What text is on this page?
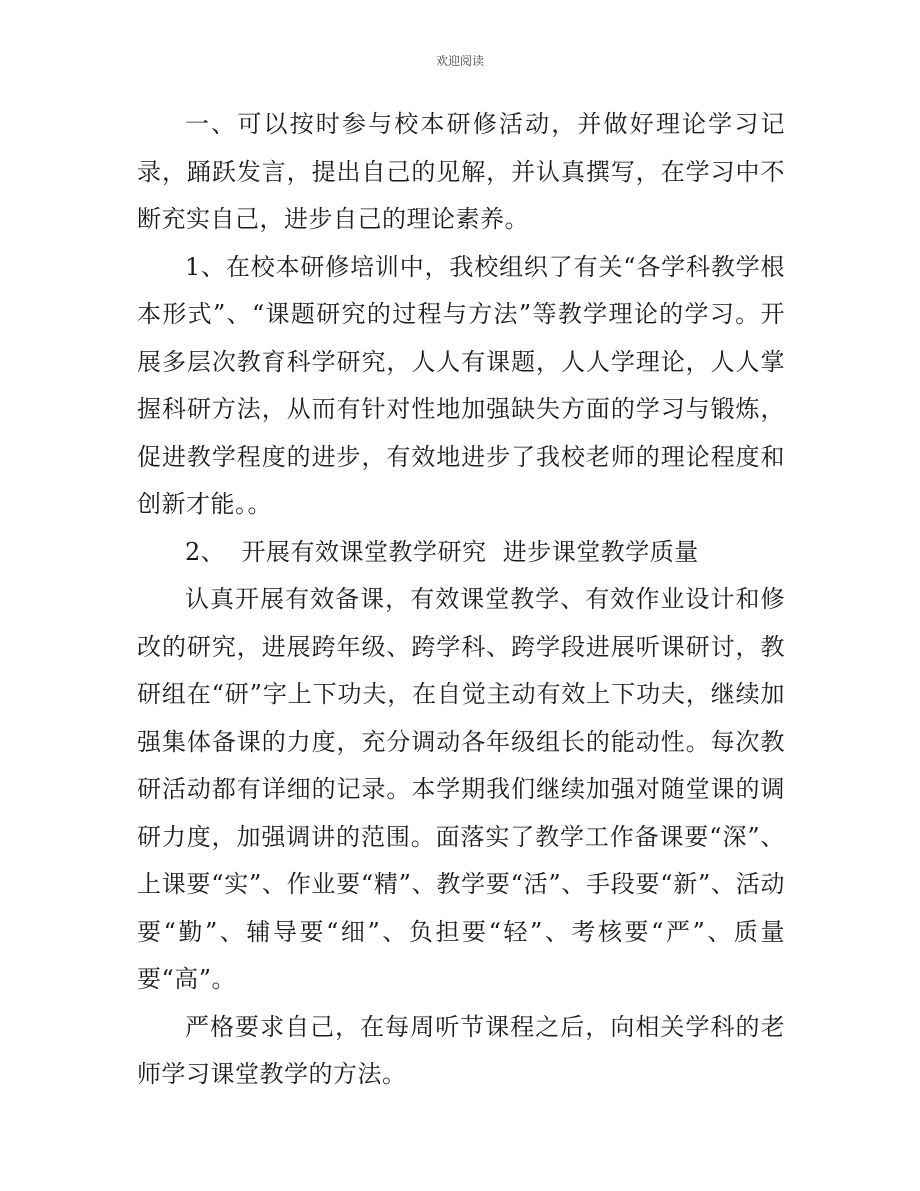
欢迎阅读

一、可以按时参与校本研修活动，并做好理论学习记录，踊跃发言，提出自己的见解，并认真撰写，在学习中不断充实自己，进步自己的理论素养。

1、在校本研修培训中，我校组织了有关“各学科教学根本形式”、“课题研究的过程与方法”等教学理论的学习。开展多层次教育科学研究，人人有课题，人人学理论，人人掌握科研方法，从而有针对性地加强缺失方面的学习与锻炼，促进教学程度的进步，有效地进步了我校老师的理论程度和创新才能。。

2、  开展有效课堂教学研究  进步课堂教学质量

认真开展有效备课，有效课堂教学、有效作业设计和修改的研究，进展跨年级、跨学科、跨学段进展听课研讨，教研组在“研”字上下功夫，在自觉主动有效上下功夫，继续加强集体备课的力度，充分调动各年级组长的能动性。每次教研活动都有详细的记录。本学期我们继续加强对随堂课的调研力度，加强调讲的范围。面落实了教学工作备课要“深”、上课要“实”、作业要“精”、教学要“活”、手段要“新”、活动要“勤”、辅导要“细”、负担要“轻”、考核要“严”、质量要“高”。

严格要求自己，在每周听节课程之后，向相关学科的老师学习课堂教学的方法。
